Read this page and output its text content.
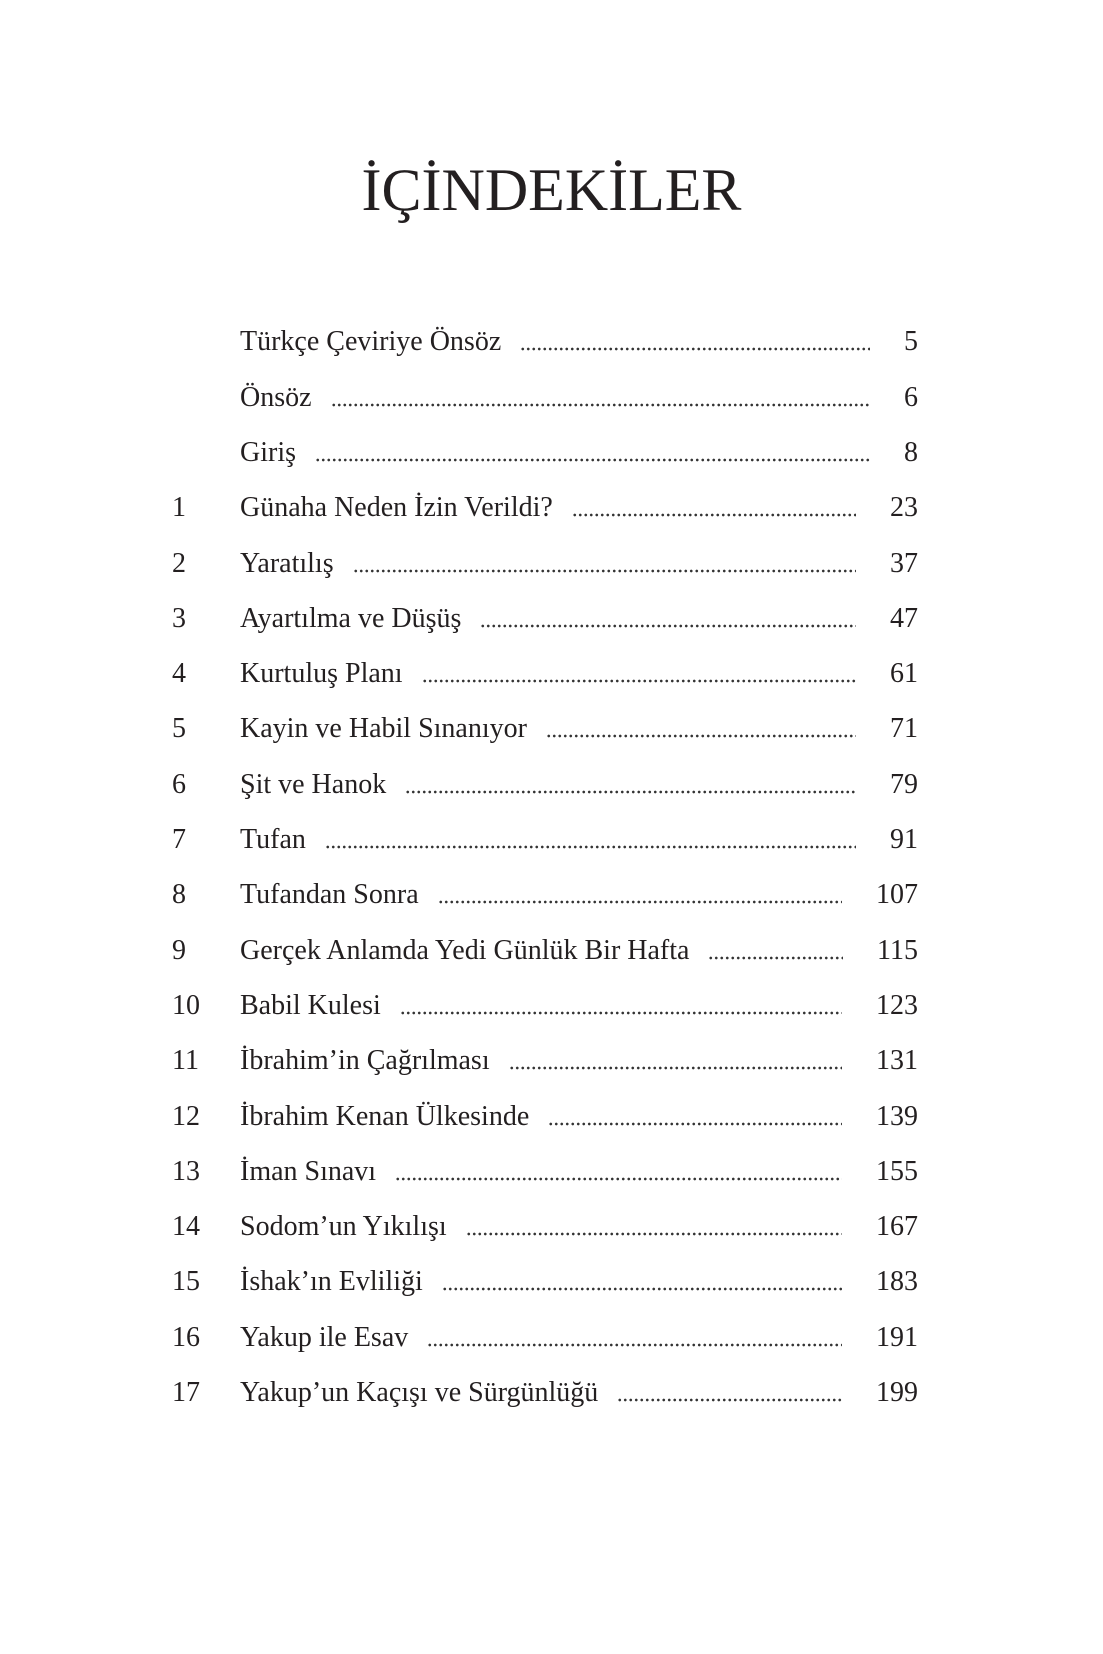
İÇİNDEKİLER
Türkçe Çeviriye Önsöz	5
Önsöz	6
Giriş	8
1	Günaha Neden İzin Verildi?	23
2	Yaratılış	37
3	Ayartılma ve Düşüş	47
4	Kurtuluş Planı	61
5	Kayin ve Habil Sınanıyor	71
6	Şit ve Hanok	79
7	Tufan	91
8	Tufandan Sonra	107
9	Gerçek Anlamda Yedi Günlük Bir Hafta	115
10	Babil Kulesi	123
11	İbrahim’in Çağrılması	131
12	İbrahim Kenan Ülkesinde	139
13	İman Sınavı	155
14	Sodom’un Yıkılışı	167
15	İshak’ın Evliliği	183
16	Yakup ile Esav	191
17	Yakup’un Kaçışı ve Sürgünlüğü	199
